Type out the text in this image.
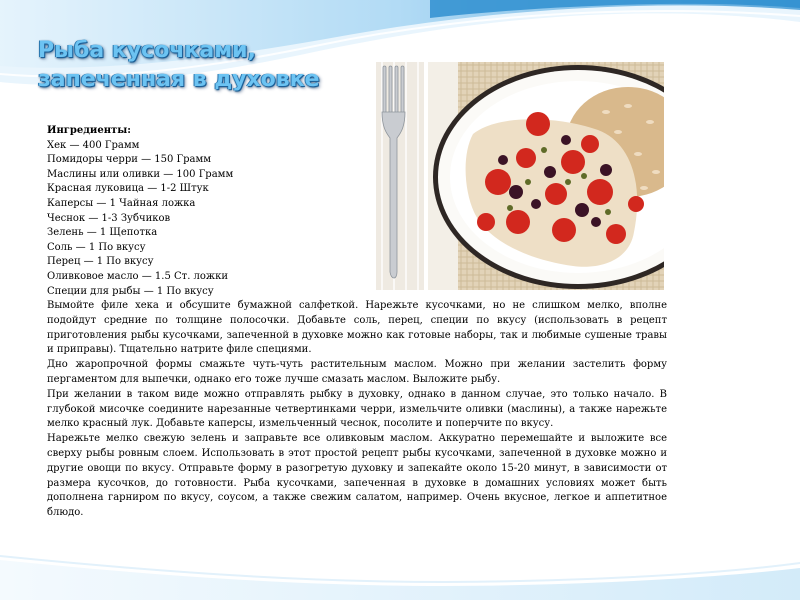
Рыба кусочками,
запеченная в духовке
Ингредиенты:
Хек — 400 Грамм
Помидоры черри — 150 Грамм
Маслины или оливки — 100 Грамм
Красная луковица — 1-2 Штук
Каперсы — 1 Чайная ложка
Чеснок — 1-3 Зубчиков
Зелень — 1 Щепотка
Соль — 1 По вкусу
Перец — 1 По вкусу
Оливковое масло — 1.5 Ст. ложки
Специи для рыбы — 1 По вкусу

Вымойте филе хека и обсушите бумажной салфеткой. Нарежьте кусочками, но не слишком мелко, вполне подойдут средние по толщине полосочки. Добавьте соль, перец, специи по вкусу (использовать в рецепт приготовления рыбы кусочками, запеченной в духовке можно как готовые наборы, так и любимые сушеные травы и приправы). Тщательно натрите филе специями.

Дно жаропрочной формы смажьте чуть-чуть растительным маслом. Можно при желании застелить форму пергаментом для выпечки, однако его тоже лучше смазать маслом. Выложите рыбу.

При желании в таком виде можно отправлять рыбку в духовку, однако в данном случае, это только начало. В глубокой мисочке соедините нарезанные четвертинками черри, измельчите оливки (маслины), а также нарежьте мелко красный лук. Добавьте каперсы, измельченный чеснок, посолите и поперчите по вкусу.

Нарежьте мелко свежую зелень и заправьте все оливковым маслом. Аккуратно перемешайте и выложите все сверху рыбы ровным слоем. Использовать в этот простой рецепт рыбы кусочками, запеченной в духовке можно и другие овощи по вкусу. Отправьте форму в разогретую духовку и запекайте около 15-20 минут, в зависимости от размера кусочков, до готовности. Рыба кусочками, запеченная в духовке в домашних условиях может быть дополнена гарниром по вкусу, соусом, а также свежим салатом, например. Очень вкусное, легкое и аппетитное блюдо.
